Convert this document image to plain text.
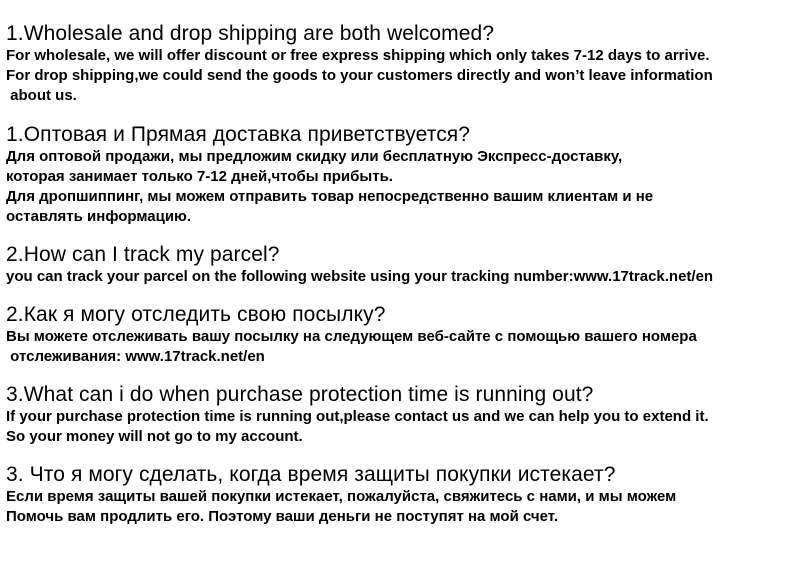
1.Wholesale and drop shipping are both welcomed?

For wholesale, we will offer discount or free express shipping which only takes 7-12 days to arrive.
For drop shipping,we could send the goods to your customers directly and won’t leave information
about us.

1.Оптовая и Прямая доставка приветствуется?

Для оптовой продажи, мы предложим скидку или бесплатную Экспресс-доставку,
которая занимает только 7-12 дней,чтобы прибыть.
Для дропшиппинг, мы можем отправить товар непосредственно вашим клиентам и не
оставлять информацию.

2.How can I track my parcel?

you can track your parcel on the following website using your tracking number:www.17track.net/en

2.Как я могу отследить свою посылку?

Вы можете отслеживать вашу посылку на следующем веб-сайте с помощью вашего номера
отслеживания: www.17track.net/en

3.What can i do when purchase protection time is running out?

If your purchase protection time is running out,please contact us and we can help you to extend it.
So your money will not go to my account.

3. Что я могу сделать, когда время защиты покупки истекает?

Если время защиты вашей покупки истекает, пожалуйста, свяжитесь с нами, и мы можем
Помочь вам продлить его. Поэтому ваши деньги не поступят на мой счет.
